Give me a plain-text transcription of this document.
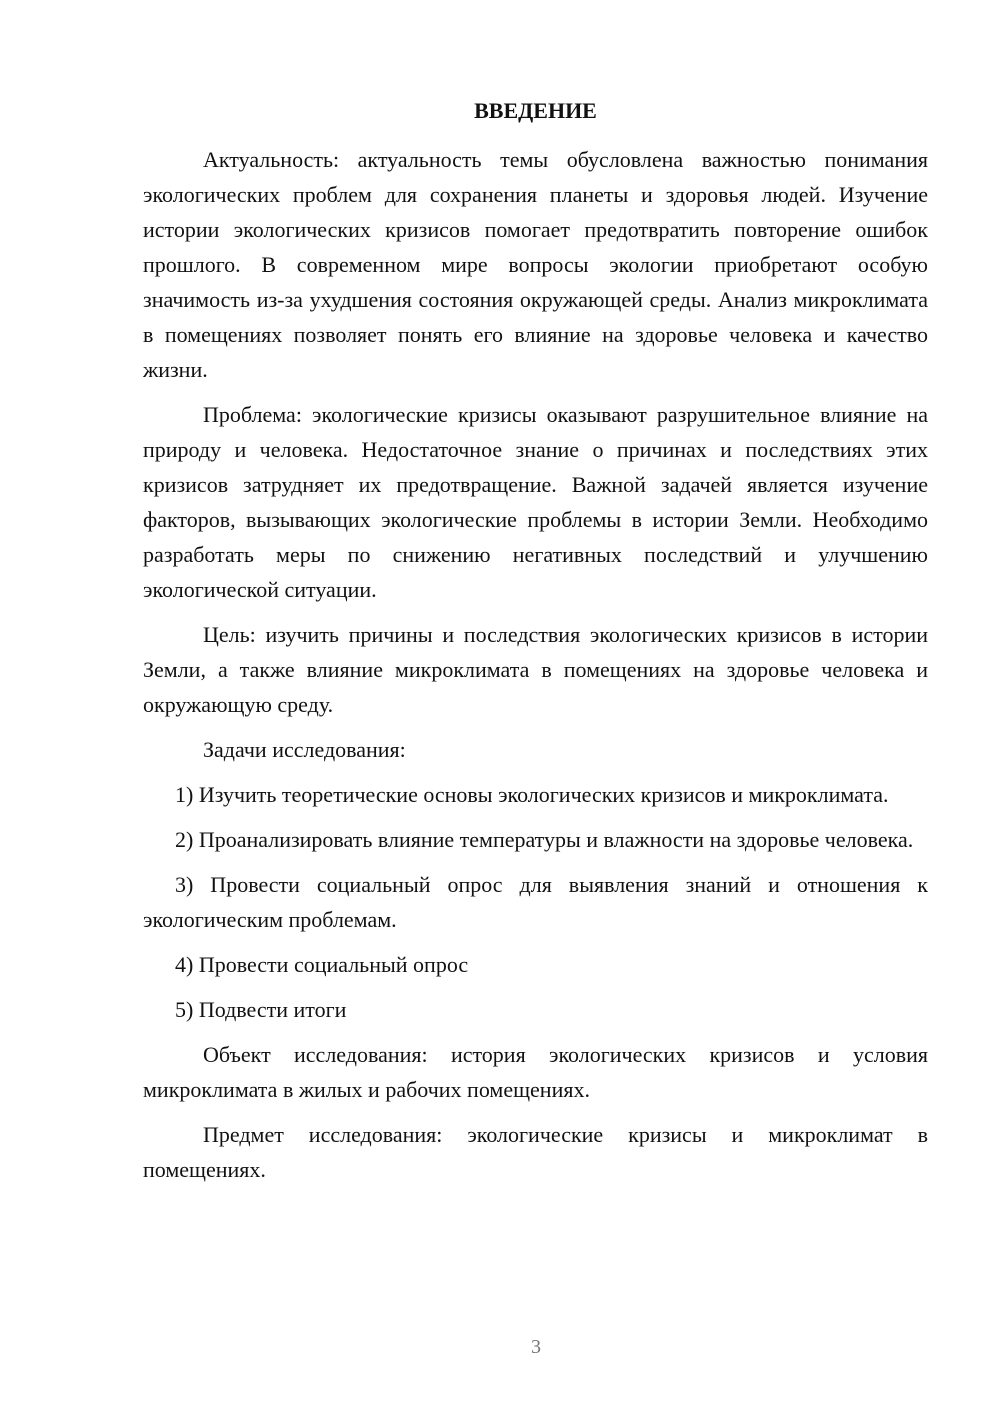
ВВЕДЕНИЕ

Актуальность: актуальность темы обусловлена важностью понимания экологических проблем для сохранения планеты и здоровья людей. Изучение истории экологических кризисов помогает предотвратить повторение ошибок прошлого. В современном мире вопросы экологии приобретают особую значимость из-за ухудшения состояния окружающей среды. Анализ микроклимата в помещениях позволяет понять его влияние на здоровье человека и качество жизни.

Проблема: экологические кризисы оказывают разрушительное влияние на природу и человека. Недостаточное знание о причинах и последствиях этих кризисов затрудняет их предотвращение. Важной задачей является изучение факторов, вызывающих экологические проблемы в истории Земли. Необходимо разработать меры по снижению негативных последствий и улучшению экологической ситуации.

Цель: изучить причины и последствия экологических кризисов в истории Земли, а также влияние микроклимата в помещениях на здоровье человека и окружающую среду.

Задачи исследования:

1) Изучить теоретические основы экологических кризисов и микроклимата.

2) Проанализировать влияние температуры и влажности на здоровье человека.

3) Провести социальный опрос для выявления знаний и отношения к экологическим проблемам.

4) Провести социальный опрос

5) Подвести итоги

Объект исследования: история экологических кризисов и условия микроклимата в жилых и рабочих помещениях.

Предмет исследования: экологические кризисы и микроклимат в помещениях.

3
